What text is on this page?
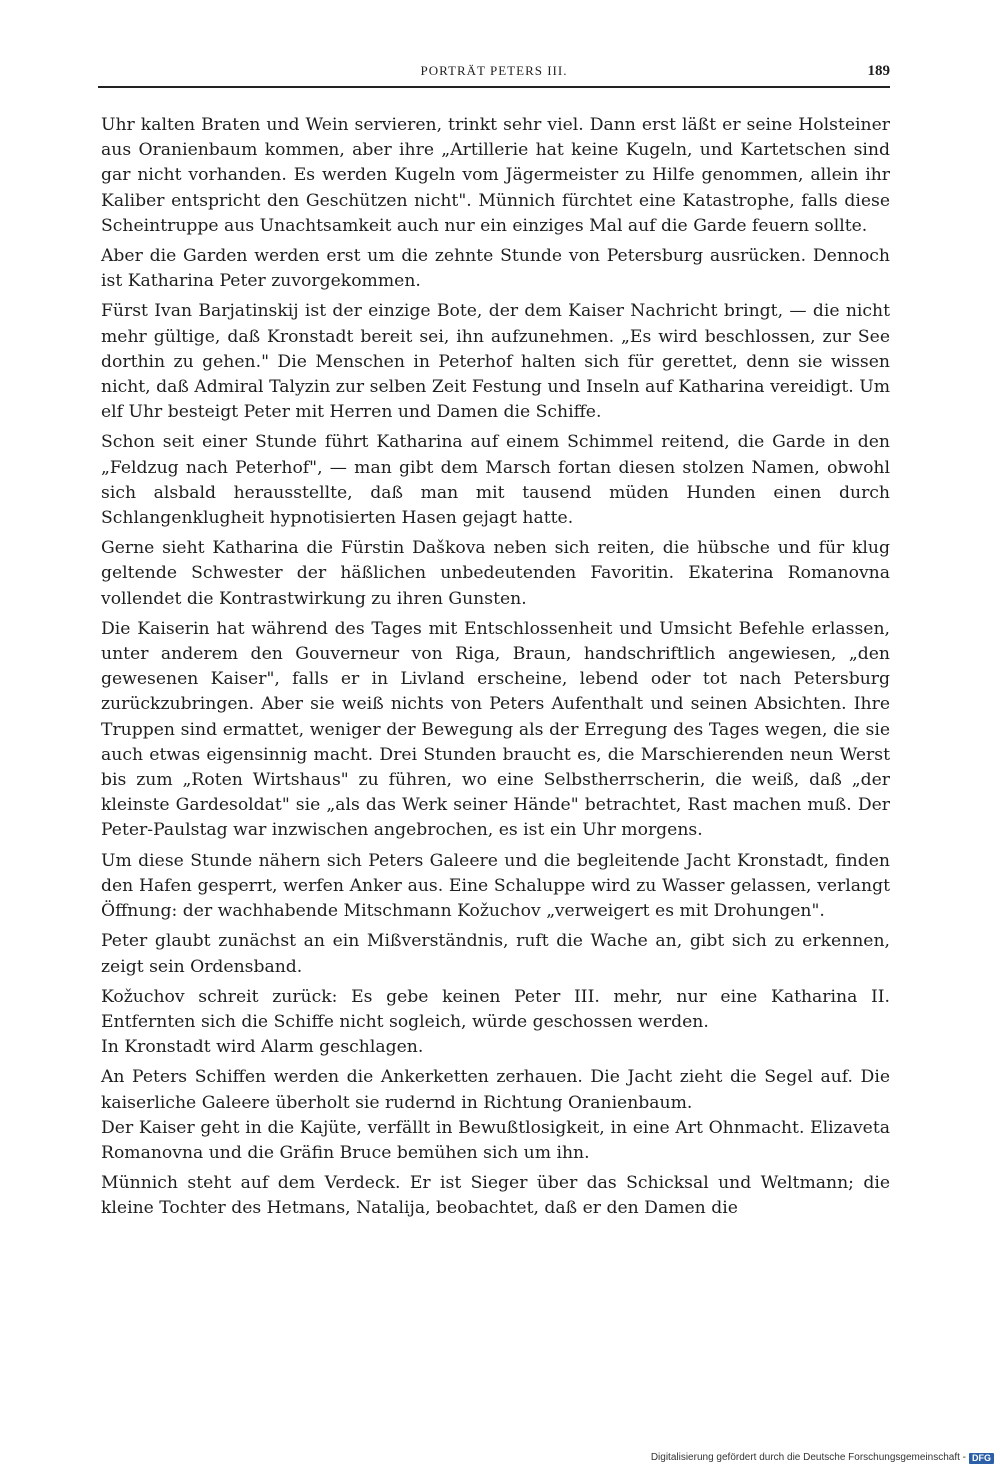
PORTRÄT PETERS III.	189

Uhr kalten Braten und Wein servieren, trinkt sehr viel. Dann erst läßt er seine Holsteiner aus Oranienbaum kommen, aber ihre „Artillerie hat keine Kugeln, und Kartetschen sind gar nicht vorhanden. Es werden Kugeln vom Jägermeister zu Hilfe genommen, allein ihr Kaliber entspricht den Geschützen nicht". Münnich fürchtet eine Katastrophe, falls diese Scheintruppe aus Unachtsamkeit auch nur ein einziges Mal auf die Garde feuern sollte.

Aber die Garden werden erst um die zehnte Stunde von Petersburg ausrücken. Dennoch ist Katharina Peter zuvorgekommen.

Fürst Ivan Barjatinskij ist der einzige Bote, der dem Kaiser Nachricht bringt, — die nicht mehr gültige, daß Kronstadt bereit sei, ihn aufzunehmen. „Es wird beschlossen, zur See dorthin zu gehen." Die Menschen in Peterhof halten sich für gerettet, denn sie wissen nicht, daß Admiral Talyzin zur selben Zeit Festung und Inseln auf Katharina vereidigt. Um elf Uhr besteigt Peter mit Herren und Damen die Schiffe.

Schon seit einer Stunde führt Katharina auf einem Schimmel reitend, die Garde in den „Feldzug nach Peterhof", — man gibt dem Marsch fortan diesen stolzen Namen, obwohl sich alsbald herausstellte, daß man mit tausend müden Hunden einen durch Schlangenklugheit hypnotisierten Hasen gejagt hatte.

Gerne sieht Katharina die Fürstin Daškova neben sich reiten, die hübsche und für klug geltende Schwester der häßlichen unbedeutenden Favoritin. Ekaterina Romanovna vollendet die Kontrastwirkung zu ihren Gunsten.

Die Kaiserin hat während des Tages mit Entschlossenheit und Umsicht Befehle erlassen, unter anderem den Gouverneur von Riga, Braun, handschriftlich angewiesen, „den gewesenen Kaiser", falls er in Livland erscheine, lebend oder tot nach Petersburg zurückzubringen. Aber sie weiß nichts von Peters Aufenthalt und seinen Absichten. Ihre Truppen sind ermattet, weniger der Bewegung als der Erregung des Tages wegen, die sie auch etwas eigensinnig macht. Drei Stunden braucht es, die Marschierenden neun Werst bis zum „Roten Wirtshaus" zu führen, wo eine Selbstherrscherin, die weiß, daß „der kleinste Gardesoldat" sie „als das Werk seiner Hände" betrachtet, Rast machen muß. Der Peter-Paulstag war inzwischen angebrochen, es ist ein Uhr morgens.

Um diese Stunde nähern sich Peters Galeere und die begleitende Jacht Kronstadt, finden den Hafen gesperrt, werfen Anker aus. Eine Schaluppe wird zu Wasser gelassen, verlangt Öffnung: der wachhabende Mitschmann Kožuchov „verweigert es mit Drohungen".

Peter glaubt zunächst an ein Mißverständnis, ruft die Wache an, gibt sich zu erkennen, zeigt sein Ordensband.

Kožuchov schreit zurück: Es gebe keinen Peter III. mehr, nur eine Katharina II. Entfernten sich die Schiffe nicht sogleich, würde geschossen werden.

In Kronstadt wird Alarm geschlagen.

An Peters Schiffen werden die Ankerketten zerhauen. Die Jacht zieht die Segel auf. Die kaiserliche Galeere überholt sie rudernd in Richtung Oranienbaum.

Der Kaiser geht in die Kajüte, verfällt in Bewußtlosigkeit, in eine Art Ohnmacht. Elizaveta Romanovna und die Gräfin Bruce bemühen sich um ihn.

Münnich steht auf dem Verdeck. Er ist Sieger über das Schicksal und Weltmann; die kleine Tochter des Hetmans, Natalija, beobachtet, daß er den Damen die

Digitalisierung gefördert durch die Deutsche Forschungsgemeinschaft - DFG
